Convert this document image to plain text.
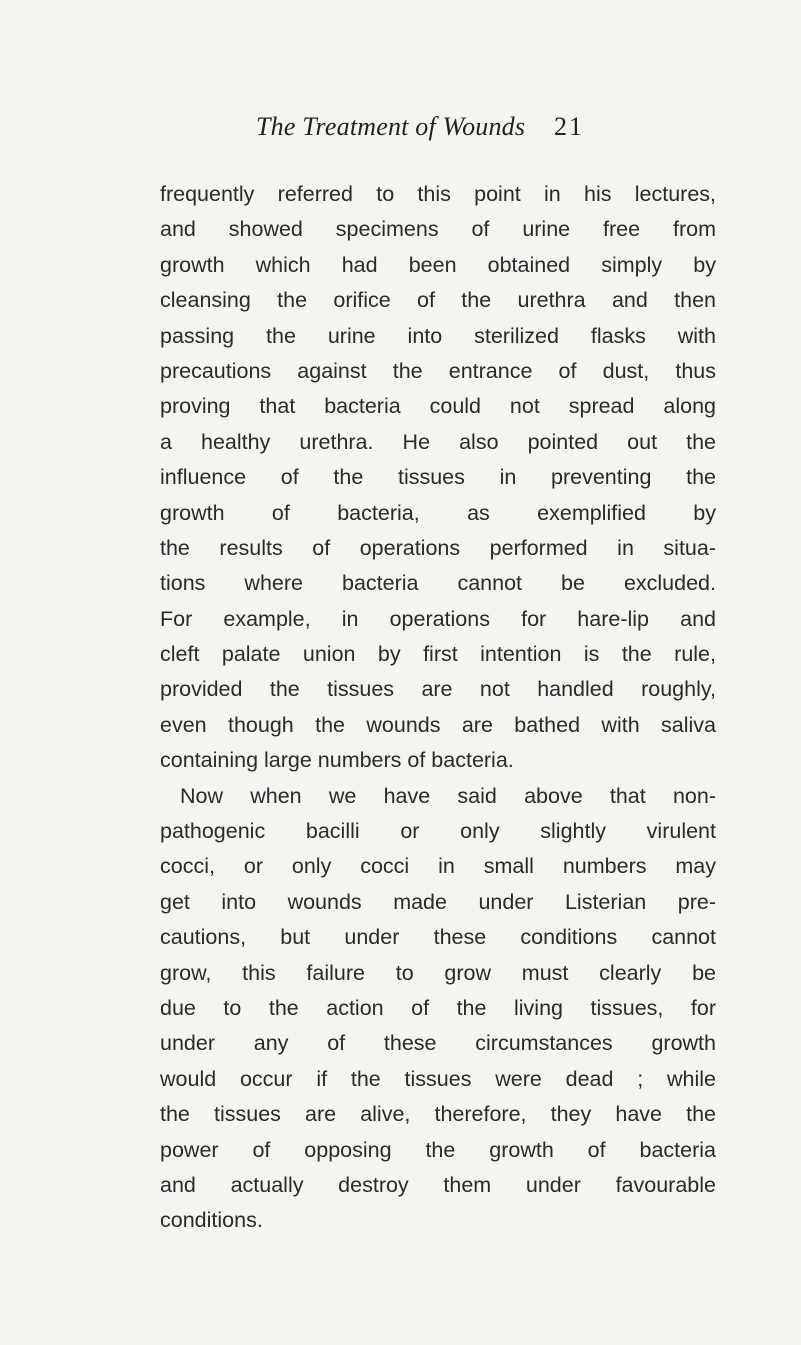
The Treatment of Wounds 21
frequently referred to this point in his lectures,
and showed specimens of urine free from
growth which had been obtained simply by
cleansing the orifice of the urethra and then
passing the urine into sterilized flasks with
precautions against the entrance of dust, thus
proving that bacteria could not spread along
a healthy urethra. He also pointed out the
influence of the tissues in preventing the
growth of bacteria, as exemplified by
the results of operations performed in situa-
tions where bacteria cannot be excluded.
For example, in operations for hare-lip and
cleft palate union by first intention is the rule,
provided the tissues are not handled roughly,
even though the wounds are bathed with saliva
containing large numbers of bacteria.
Now when we have said above that non-
pathogenic bacilli or only slightly virulent
cocci, or only cocci in small numbers may
get into wounds made under Listerian pre-
cautions, but under these conditions cannot
grow, this failure to grow must clearly be
due to the action of the living tissues, for
under any of these circumstances growth
would occur if the tissues were dead ; while
the tissues are alive, therefore, they have the
power of opposing the growth of bacteria
and actually destroy them under favourable
conditions.
